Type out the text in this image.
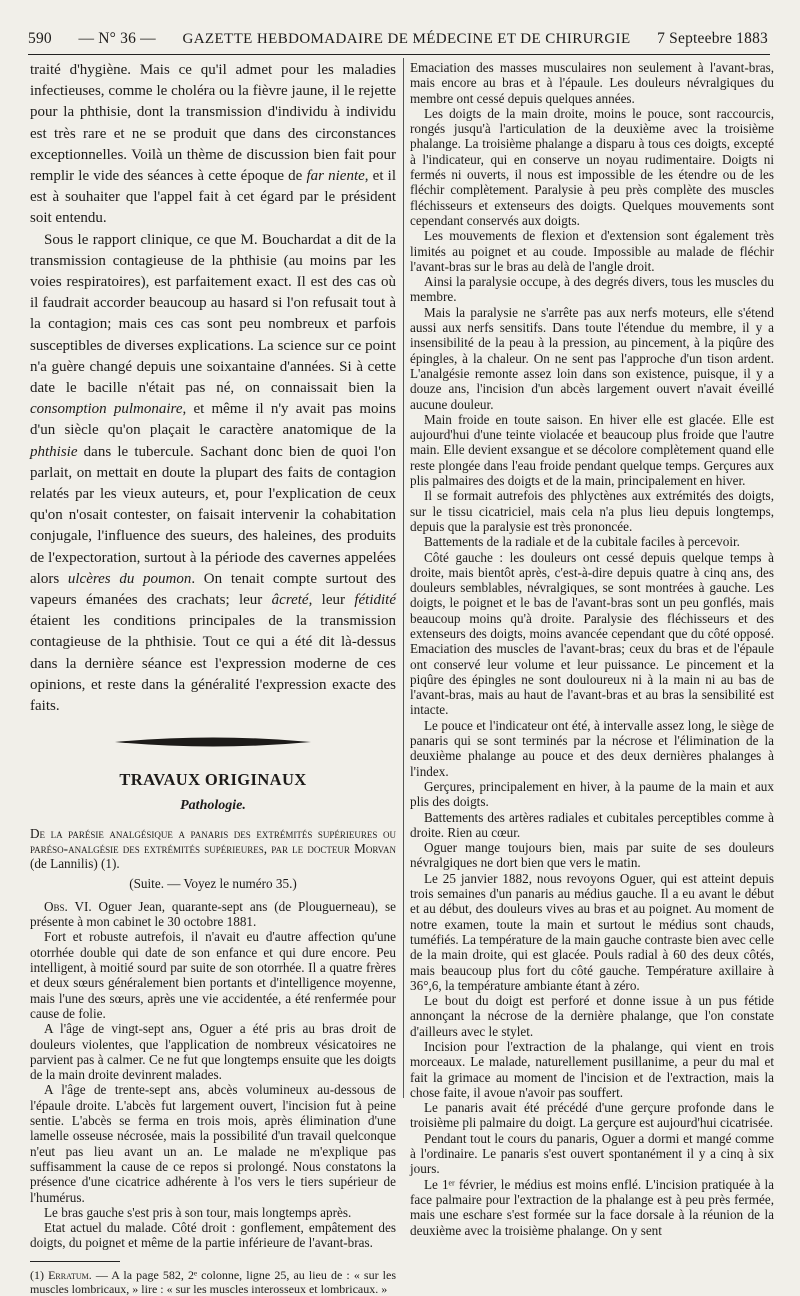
590 — N° 36 — GAZETTE HEBDOMADAIRE DE MÉDECINE ET DE CHIRURGIE 7 Septeebre 1883

traité d'hygiène. Mais ce qu'il admet pour les maladies infectieuses, comme le choléra ou la fièvre jaune, il le rejette pour la phthisie, dont la transmission d'individu à individu est très rare et ne se produit que dans des circonstances exceptionnelles. Voilà un thème de discussion bien fait pour remplir le vide des séances à cette époque de far niente, et il est à souhaiter que l'appel fait à cet égard par le président soit entendu.

Sous le rapport clinique, ce que M. Bouchardat a dit de la transmission contagieuse de la phthisie (au moins par les voies respiratoires), est parfaitement exact. Il est des cas où il faudrait accorder beaucoup au hasard si l'on refusait tout à la contagion; mais ces cas sont peu nombreux et parfois susceptibles de diverses explications. La science sur ce point n'a guère changé depuis une soixantaine d'années. Si à cette date le bacille n'était pas né, on connaissait bien la consomption pulmonaire, et même il n'y avait pas moins d'un siècle qu'on plaçait le caractère anatomique de la phthisie dans le tubercule. Sachant donc bien de quoi l'on parlait, on mettait en doute la plupart des faits de contagion relatés par les vieux auteurs, et, pour l'explication de ceux qu'on n'osait contester, on faisait intervenir la cohabitation conjugale, l'influence des sueurs, des haleines, des produits de l'expectoration, surtout à la période des cavernes appelées alors ulcères du poumon. On tenait compte surtout des vapeurs émanées des crachats; leur âcreté, leur fétidité étaient les conditions principales de la transmission contagieuse de la phthisie. Tout ce qui a été dit là-dessus dans la dernière séance est l'expression moderne de ces opinions, et reste dans la généralité l'expression exacte des faits.

TRAVAUX ORIGINAUX
Pathologie.

De la parésie analgésique a panaris des extrémités supérieures ou paréso-analgésie des extrémités supérieures, par le docteur Morvan (de Lannilis) (1).

(Suite. — Voyez le numéro 35.)

Obs. VI. Oguer Jean, quarante-sept ans (de Plouguerneau), se présente à mon cabinet le 30 octobre 1881.

Fort et robuste autrefois, il n'avait eu d'autre affection qu'une otorrhée double qui date de son enfance et qui dure encore. Peu intelligent, à moitié sourd par suite de son otorrhée. Il a quatre frères et deux sœurs généralement bien portants et d'intelligence moyenne, mais l'une des sœurs, après une vie accidentée, a été renfermée pour cause de folie.

A l'âge de vingt-sept ans, Oguer a été pris au bras droit de douleurs violentes, que l'application de nombreux vésicatoires ne parvient pas à calmer. Ce ne fut que longtemps ensuite que les doigts de la main droite devinrent malades.

A l'âge de trente-sept ans, abcès volumineux au-dessous de l'épaule droite. L'abcès fut largement ouvert, l'incision fut à peine sentie. L'abcès se ferma en trois mois, après élimination d'une lamelle osseuse nécrosée, mais la possibilité d'un travail quelconque n'eut pas lieu avant un an. Le malade ne m'explique pas suffisamment la cause de ce repos si prolongé. Nous constatons la présence d'une cicatrice adhérente à l'os vers le tiers supérieur de l'humérus.

Le bras gauche s'est pris à son tour, mais longtemps après.

Etat actuel du malade. Côté droit : gonflement, empâtement des doigts, du poignet et même de la partie inférieure de l'avant-bras.

(1) Erratum. — A la page 582, 2ᵉ colonne, ligne 25, au lieu de : « sur les muscles lombricaux, » lire : « sur les muscles interosseux et lombricaux. »

Emaciation des masses musculaires non seulement à l'avant-bras, mais encore au bras et à l'épaule. Les douleurs névralgiques du membre ont cessé depuis quelques années.

Les doigts de la main droite, moins le pouce, sont raccourcis, rongés jusqu'à l'articulation de la deuxième avec la troisième phalange. La troisième phalange a disparu à tous ces doigts, excepté à l'indicateur, qui en conserve un noyau rudimentaire. Doigts ni fermés ni ouverts, il nous est impossible de les étendre ou de les fléchir complètement. Paralysie à peu près complète des muscles fléchisseurs et extenseurs des doigts. Quelques mouvements sont cependant conservés aux doigts.

Les mouvements de flexion et d'extension sont également très limités au poignet et au coude. Impossible au malade de fléchir l'avant-bras sur le bras au delà de l'angle droit.

Ainsi la paralysie occupe, à des degrés divers, tous les muscles du membre.

Mais la paralysie ne s'arrête pas aux nerfs moteurs, elle s'étend aussi aux nerfs sensitifs. Dans toute l'étendue du membre, il y a insensibilité de la peau à la pression, au pincement, à la piqûre des épingles, à la chaleur. On ne sent pas l'approche d'un tison ardent. L'analgésie remonte assez loin dans son existence, puisque, il y a douze ans, l'incision d'un abcès largement ouvert n'avait éveillé aucune douleur.

Main froide en toute saison. En hiver elle est glacée. Elle est aujourd'hui d'une teinte violacée et beaucoup plus froide que l'autre main. Elle devient exsangue et se décolore complètement quand elle reste plongée dans l'eau froide pendant quelque temps. Gerçures aux plis palmaires des doigts et de la main, principalement en hiver.

Il se formait autrefois des phlyctènes aux extrémités des doigts, sur le tissu cicatriciel, mais cela n'a plus lieu depuis longtemps, depuis que la paralysie est très prononcée.

Battements de la radiale et de la cubitale faciles à percevoir.

Côté gauche : les douleurs ont cessé depuis quelque temps à droite, mais bientôt après, c'est-à-dire depuis quatre à cinq ans, des douleurs semblables, névralgiques, se sont montrées à gauche. Les doigts, le poignet et le bas de l'avant-bras sont un peu gonflés, mais beaucoup moins qu'à droite. Paralysie des fléchisseurs et des extenseurs des doigts, moins avancée cependant que du côté opposé. Emaciation des muscles de l'avant-bras; ceux du bras et de l'épaule ont conservé leur volume et leur puissance. Le pincement et la piqûre des épingles ne sont douloureux ni à la main ni au bas de l'avant-bras, mais au haut de l'avant-bras et au bras la sensibilité est intacte.

Le pouce et l'indicateur ont été, à intervalle assez long, le siège de panaris qui se sont terminés par la nécrose et l'élimination de la deuxième phalange au pouce et des deux dernières phalanges à l'index.

Gerçures, principalement en hiver, à la paume de la main et aux plis des doigts.

Battements des artères radiales et cubitales perceptibles comme à droite. Rien au cœur.

Oguer mange toujours bien, mais par suite de ses douleurs névralgiques ne dort bien que vers le matin.

Le 25 janvier 1882, nous revoyons Oguer, qui est atteint depuis trois semaines d'un panaris au médius gauche. Il a eu avant le début et au début, des douleurs vives au bras et au poignet. Au moment de notre examen, toute la main et surtout le médius sont chauds, tuméfiés. La température de la main gauche contraste bien avec celle de la main droite, qui est glacée. Pouls radial à 60 des deux côtés, mais beaucoup plus fort du côté gauche. Température axillaire à 36°,6, la température ambiante étant à zéro.

Le bout du doigt est perforé et donne issue à un pus fétide annonçant la nécrose de la dernière phalange, que l'on constate d'ailleurs avec le stylet.

Incision pour l'extraction de la phalange, qui vient en trois morceaux. Le malade, naturellement pusillanime, a peur du mal et fait la grimace au moment de l'incision et de l'extraction, mais la chose faite, il avoue n'avoir pas souffert.

Le panaris avait été précédé d'une gerçure profonde dans le troisième pli palmaire du doigt. La gerçure est aujourd'hui cicatrisée.

Pendant tout le cours du panaris, Oguer a dormi et mangé comme à l'ordinaire. Le panaris s'est ouvert spontanément il y a cinq à six jours.

Le 1ᵉʳ février, le médius est moins enflé. L'incision pratiquée à la face palmaire pour l'extraction de la phalange est à peu près fermée, mais une eschare s'est formée sur la face dorsale à la réunion de la deuxième avec la troisième phalange. On y sent
